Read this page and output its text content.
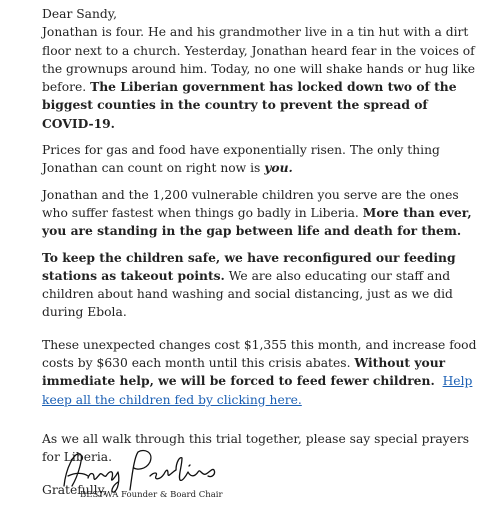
Dear Sandy,

Jonathan is four. He and his grandmother live in a tin hut with a dirt floor next to a church. Yesterday, Jonathan heard fear in the voices of the grownups around him. Today, no one will shake hands or hug like before. The Liberian government has locked down two of the biggest counties in the country to prevent the spread of COVID-19.

Prices for gas and food have exponentially risen. The only thing Jonathan can count on right now is you.

Jonathan and the 1,200 vulnerable children you serve are the ones who suffer fastest when things go badly in Liberia. More than ever, you are standing in the gap between life and death for them.

To keep the children safe, we have reconfigured our feeding stations as takeout points. We are also educating our staff and children about hand washing and social distancing, just as we did during Ebola.

These unexpected changes cost $1,355 this month, and increase food costs by $630 each month until this crisis abates. Without your immediate help, we will be forced to feed fewer children. Help keep all the children fed by clicking here.

As we all walk through this trial together, please say special prayers for Liberia.

Gratefully,

BESTWA Founder & Board Chair
